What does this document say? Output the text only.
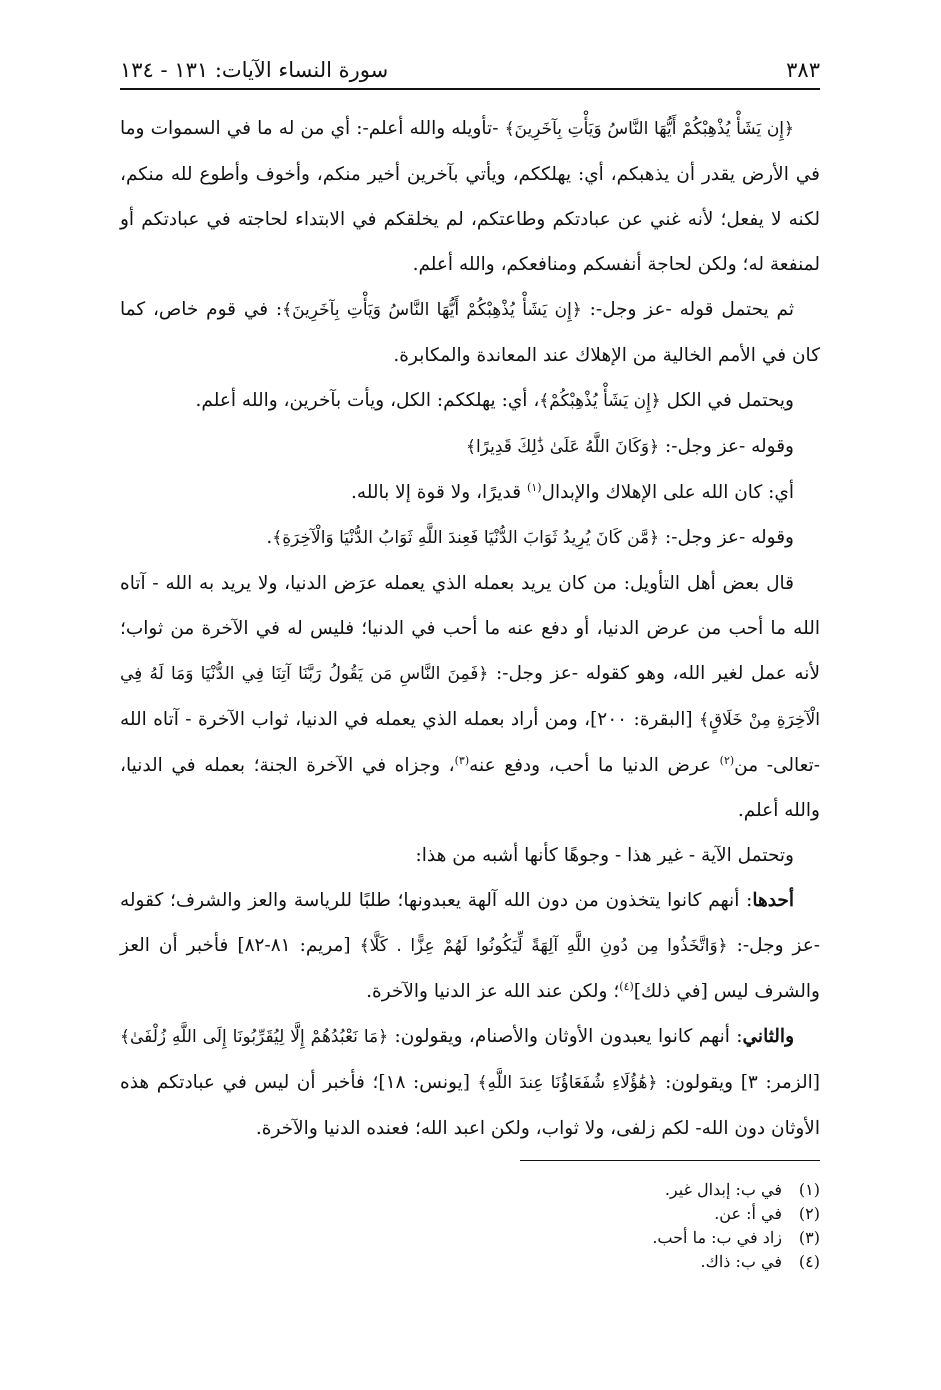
سورة النساء الآيات: ١٣١ - ١٣٤	٣٨٣

﴿إِن يَشَأْ يُذْهِبْكُمْ أَيُّهَا النَّاسُ وَيَأْتِ بِآخَرِينَ﴾ -تأويله والله أعلم-: أي من له ما في السموات وما في الأرض يقدر أن يذهبكم، أي: يهلككم، ويأتي بآخرين أخير منكم، وأخوف وأطوع لله منكم، لكنه لا يفعل؛ لأنه غني عن عبادتكم وطاعتكم، لم يخلقكم في الابتداء لحاجته في عبادتكم أو لمنفعة له؛ ولكن لحاجة أنفسكم ومنافعكم، والله أعلم.

ثم يحتمل قوله -عز وجل-: ﴿إِن يَشَأْ يُذْهِبْكُمْ أَيُّهَا النَّاسُ وَيَأْتِ بِآخَرِينَ﴾: في قوم خاص، كما كان في الأمم الخالية من الإهلاك عند المعاندة والمكابرة.

ويحتمل في الكل ﴿إِن يَشَأْ يُذْهِبْكُمْ﴾، أي: يهلككم: الكل، ويأت بآخرين، والله أعلم.

وقوله -عز وجل-: ﴿وَكَانَ اللَّهُ عَلَىٰ ذَٰلِكَ قَدِيرًا﴾

أي: كان الله على الإهلاك والإبدال$^{(١)}$ قديرًا، ولا قوة إلا بالله.

وقوله -عز وجل-: ﴿مَّن كَانَ يُرِيدُ ثَوَابَ الدُّنْيَا فَعِندَ اللَّهِ ثَوَابُ الدُّنْيَا وَالْآخِرَةِ﴾.

قال بعض أهل التأويل: من كان يريد بعمله الذي يعمله عرَض الدنيا، ولا يريد به الله - آتاه الله ما أحب من عرض الدنيا، أو دفع عنه ما أحب في الدنيا؛ فليس له في الآخرة من ثواب؛ لأنه عمل لغير الله، وهو كقوله -عز وجل-: ﴿فَمِنَ النَّاسِ مَن يَقُولُ رَبَّنَا آتِنَا فِي الدُّنْيَا وَمَا لَهُ فِي الْآخِرَةِ مِنْ خَلَاقٍ﴾ [البقرة: ٢٠٠]، ومن أراد بعمله الذي يعمله في الدنيا، ثواب الآخرة - آتاه الله -تعالى- من$^{(٢)}$ عرض الدنيا ما أحب، ودفع عنه$^{(٣)}$، وجزاه في الآخرة الجنة؛ بعمله في الدنيا، والله أعلم.

وتحتمل الآية - غير هذا - وجوهًا كأنها أشبه من هذا:

أحدها: أنهم كانوا يتخذون من دون الله آلهة يعبدونها؛ طلبًا للرياسة والعز والشرف؛ كقوله -عز وجل-: ﴿وَاتَّخَذُوا مِن دُونِ اللَّهِ آلِهَةً لِّيَكُونُوا لَهُمْ عِزًّا . كَلَّا﴾ [مريم: ٨١-٨٢] فأخبر أن العز والشرف ليس [في ذلك]$^{(٤)}$؛ ولكن عند الله عز الدنيا والآخرة.

والثاني: أنهم كانوا يعبدون الأوثان والأصنام، ويقولون: ﴿مَا نَعْبُدُهُمْ إِلَّا لِيُقَرِّبُونَا إِلَى اللَّهِ زُلْفَىٰ﴾ [الزمر: ٣] ويقولون: ﴿هَٰؤُلَاءِ شُفَعَاؤُنَا عِندَ اللَّهِ﴾ [يونس: ١٨]؛ فأخبر أن ليس في عبادتكم هذه الأوثان دون الله- لكم زلفى، ولا ثواب، ولكن اعبد الله؛ فعنده الدنيا والآخرة.

(١)
في ب: إبدال غير.
(٢)
في أ: عن.
(٣)
زاد في ب: ما أحب.
(٤)
في ب: ذاك.
